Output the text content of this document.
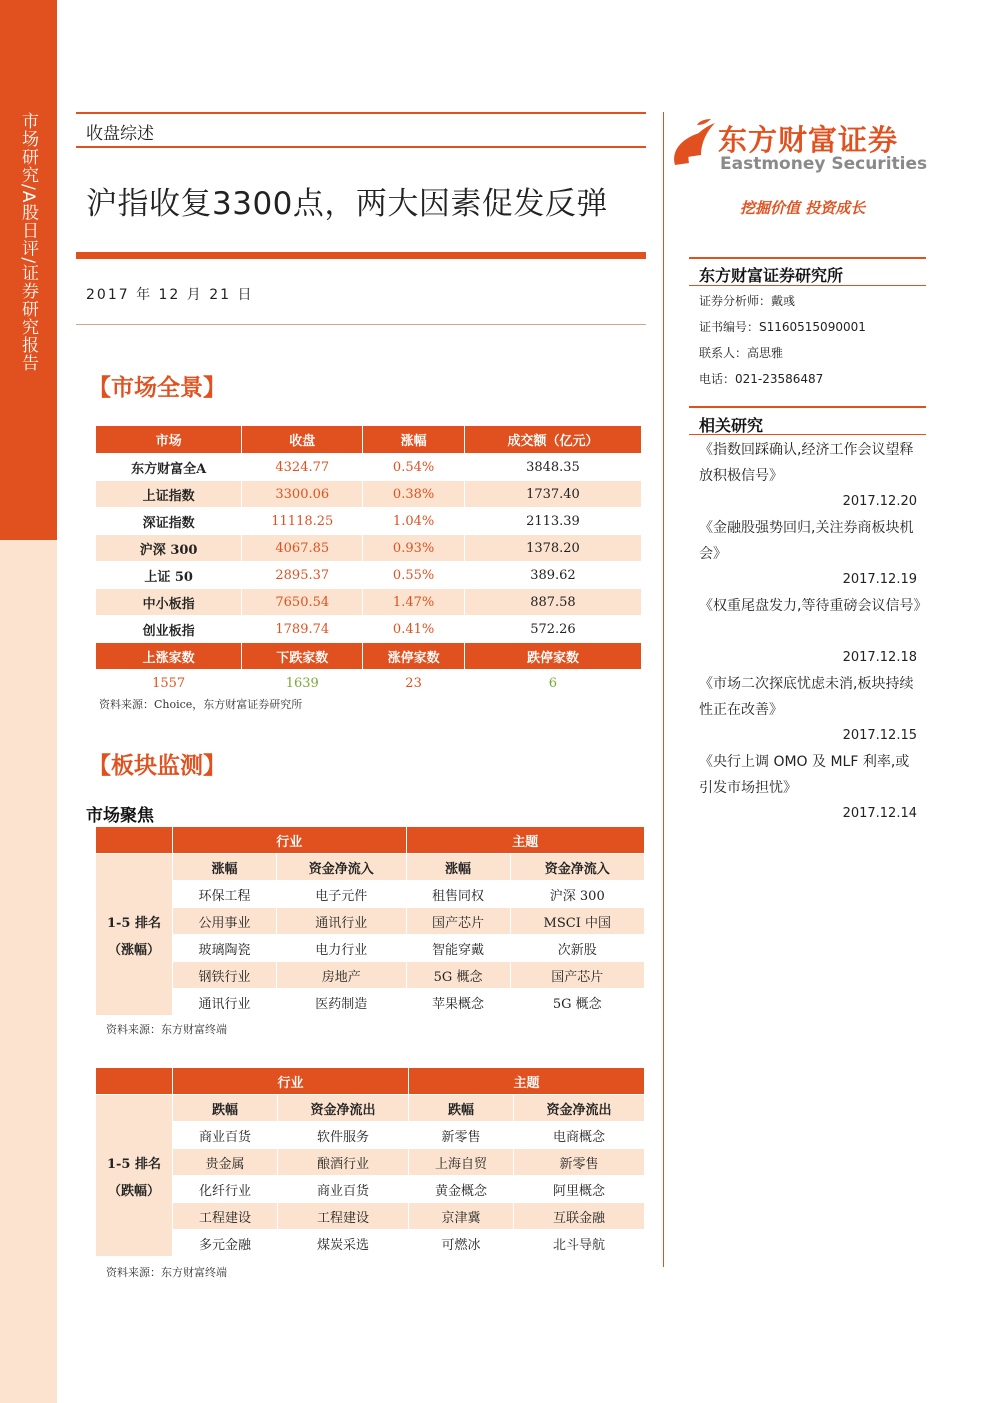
市场研究/A股日评/证券研究报告	收盘综述
沪指收复3300点，两大因素促发反弹
2017 年 12 月 21 日
【市场全景】
市场	收盘	涨幅	成交额（亿元）
东方财富全A	4324.77	0.54%	3848.35
上证指数	3300.06	0.38%	1737.40
深证指数	11118.25	1.04%	2113.39
沪深 300	4067.85	0.93%	1378.20
上证 50	2895.37	0.55%	389.62
中小板指	7650.54	1.47%	887.58
创业板指	1789.74	0.41%	572.26
上涨家数	下跌家数	涨停家数	跌停家数
1557	1639	23	6
资料来源：Choice，东方财富证券研究所
【板块监测】
市场聚焦
	行业		主题	

1-5 排名
（涨幅）	涨幅	资金净流入	涨幅	资金净流入
	环保工程	电子元件	租售同权	沪深 300
	公用事业	通讯行业	国产芯片	MSCI 中国
	玻璃陶瓷	电力行业	智能穿戴	次新股
	钢铁行业	房地产	5G 概念	国产芯片
	通讯行业	医药制造	苹果概念	5G 概念
资料来源：东方财富终端
	行业		主题	

1-5 排名
（跌幅）	跌幅	资金净流出	跌幅	资金净流出
	商业百货	软件服务	新零售	电商概念
	贵金属	酿酒行业	上海自贸	新零售
	化纤行业	商业百货	黄金概念	阿里概念
	工程建设	工程建设	京津冀	互联金融
	多元金融	煤炭采选	可燃冰	北斗导航
资料来源：东方财富终端
东方财富证券
Eastmoney Securities
挖掘价值 投资成长
东方财富证券研究所
证券分析师：戴彧
证书编号：S1160515090001
联系人：高思雅
电话：021-23586487
相关研究
《指数回踩确认,经济工作会议望释放积极信号》
2017.12.20
《金融股强势回归,关注券商板块机会》
2017.12.19
《权重尾盘发力,等待重磅会议信号》
2017.12.18
《市场二次探底忧虑未消,板块持续性正在改善》
2017.12.15
《央行上调 OMO 及 MLF 利率,或引发市场担忧》
2017.12.14
